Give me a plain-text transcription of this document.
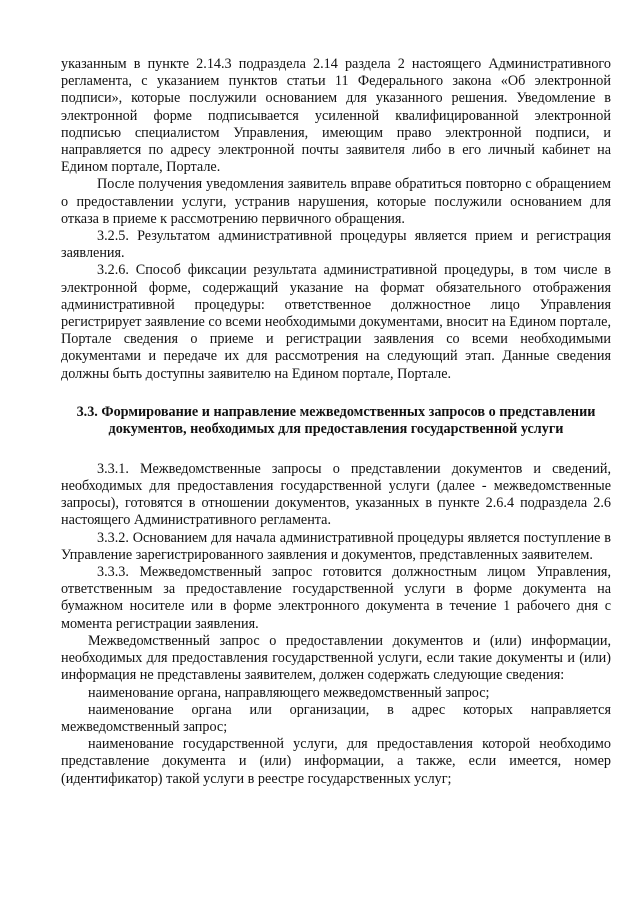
указанным в пункте 2.14.3 подраздела 2.14 раздела 2 настоящего Административного регламента, с указанием пунктов статьи 11 Федерального закона «Об электронной подписи», которые послужили основанием для указанного решения. Уведомление в электронной форме подписывается усиленной квалифицированной электронной подписью специалистом Управления, имеющим право электронной подписи, и направляется по адресу электронной почты заявителя либо в его личный кабинет на Едином портале, Портале.

После получения уведомления заявитель вправе обратиться повторно с обращением о предоставлении услуги, устранив нарушения, которые послужили основанием для отказа в приеме к рассмотрению первичного обращения.

3.2.5. Результатом административной процедуры является прием и регистрация заявления.

3.2.6. Способ фиксации результата административной процедуры, в том числе в электронной форме, содержащий указание на формат обязательного отображения административной процедуры: ответственное должностное лицо Управления регистрирует заявление со всеми необходимыми документами, вносит на Едином портале, Портале сведения о приеме и регистрации заявления со всеми необходимыми документами и передаче их для рассмотрения на следующий этап. Данные сведения должны быть доступны заявителю на Едином портале, Портале.

3.3. Формирование и направление межведомственных запросов о представлении документов, необходимых для предоставления государственной услуги

3.3.1. Межведомственные запросы о представлении документов и сведений, необходимых для предоставления государственной услуги (далее - межведомственные запросы), готовятся в отношении документов, указанных в пункте 2.6.4 подраздела 2.6 настоящего Административного регламента.

3.3.2. Основанием для начала административной процедуры является поступление в Управление зарегистрированного заявления и документов, представленных заявителем.

3.3.3. Межведомственный запрос готовится должностным лицом Управления, ответственным за предоставление государственной услуги в форме документа на бумажном носителе или в форме электронного документа в течение 1 рабочего дня с момента регистрации заявления.

Межведомственный запрос о предоставлении документов и (или) информации, необходимых для предоставления государственной услуги, если такие документы и (или) информация не представлены заявителем, должен содержать следующие сведения:

наименование органа, направляющего межведомственный запрос;

наименование органа или организации, в адрес которых направляется межведомственный запрос;

наименование государственной услуги, для предоставления которой необходимо представление документа и (или) информации, а также, если имеется, номер (идентификатор) такой услуги в реестре государственных услуг;
